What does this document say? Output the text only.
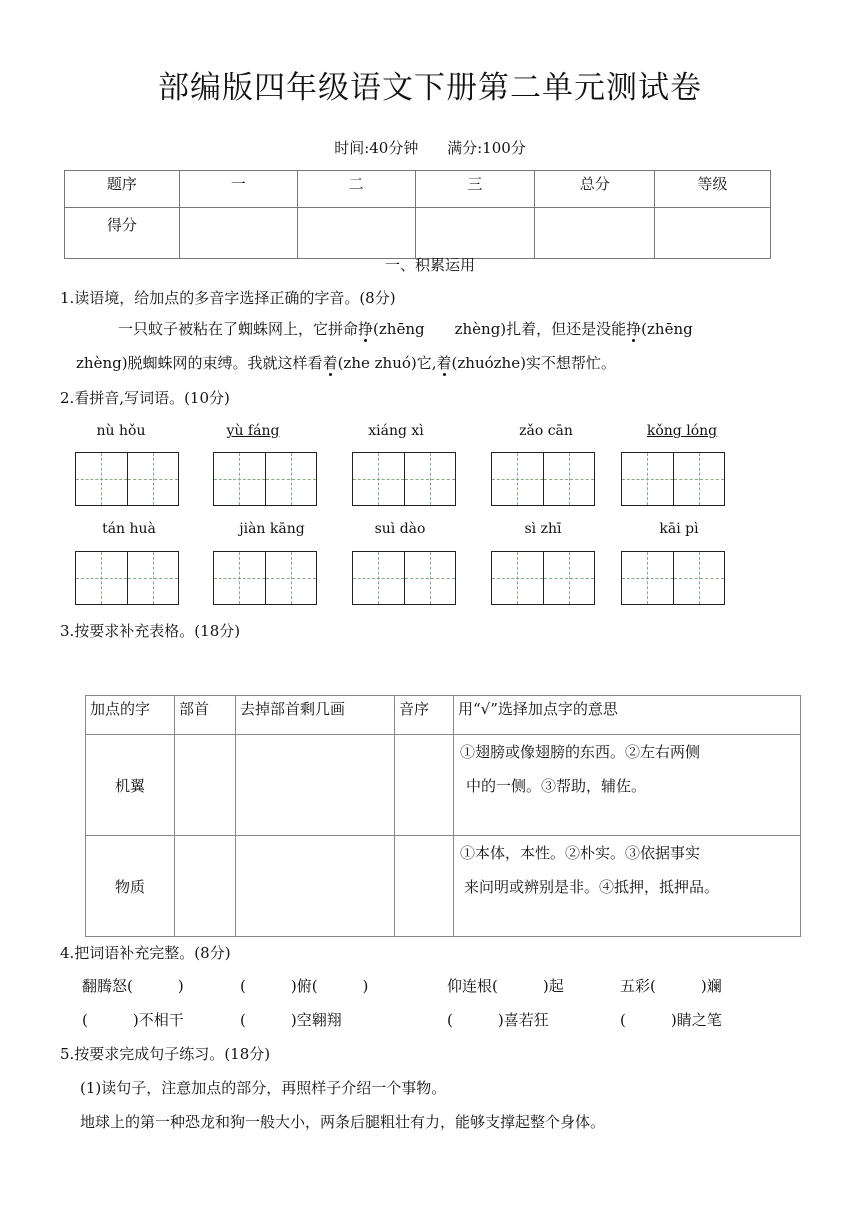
部编版四年级语文下册第二单元测试卷
时间:40分钟 满分:100分
题序	一	二	三	总分	等级
得分					
一、积累运用
1.读语境，给加点的多音字选择正确的字音。(8分)
一只蚊子被粘在了蜘蛛网上，它拼命挣(zhēng　　zhèng)扎着，但还是没能挣(zhēng
zhèng)脱蜘蛛网的束缚。我就这样看着(zhe zhuó)它,着(zhuózhe)实不想帮忙。
2.看拼音,写词语。(10分)
nù hǒu	yù fáng	xiáng xì	zǎo cān	kǒng lóng
tán huà	jiàn kāng	suì dào	sì zhī	kāi pì
3.按要求补充表格。(18分)
加点的字	部首	去掉部首剩几画	音序	用“√”选择加点字的意思
机翼				①翅膀或像翅膀的东西。②左右两侧
中的一侧。③帮助，辅佐。

物质				①本体，本性。②朴实。③依据事实
来问明或辨别是非。④抵押，抵押品。
4.把词语补充完整。(8分)
翻腾怒(　　　)	(　　　)俯(　　　)	仰连根(　　　)起	五彩(　　　)斓
(　　　)不相干	(　　　)空翱翔	(　　　)喜若狂	(　　　)睛之笔
5.按要求完成句子练习。(18分)
(1)读句子，注意加点的部分，再照样子介绍一个事物。
地球上的第一种恐龙和狗一般大小，两条后腿粗壮有力，能够支撑起整个身体。
